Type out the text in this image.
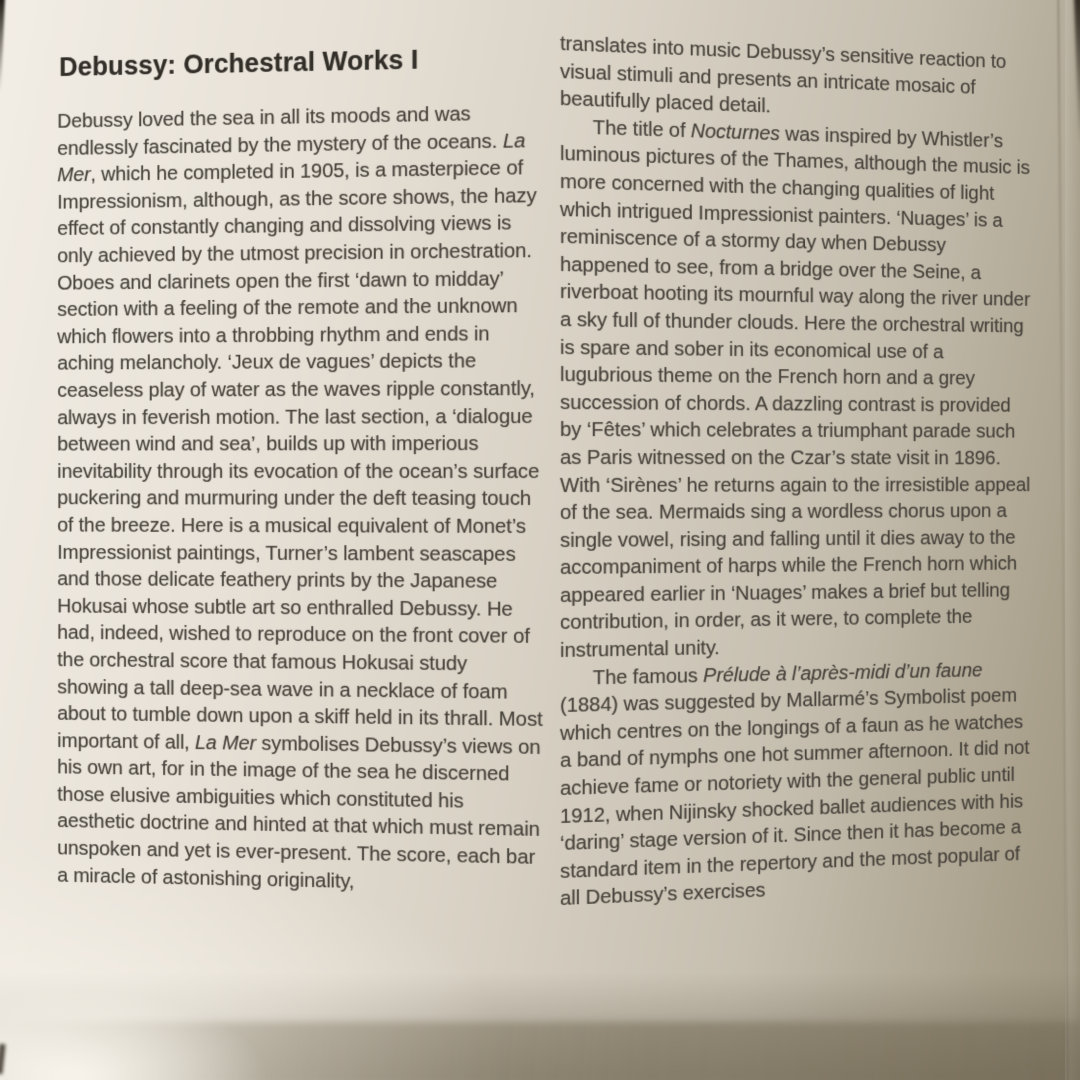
Debussy: Orchestral Works I

Debussy loved the sea in all its moods and was endlessly fascinated by the mystery of the oceans. La Mer, which he completed in 1905, is a masterpiece of Impressionism, although, as the score shows, the hazy effect of constantly changing and dissolving views is only achieved by the utmost precision in orchestration. Oboes and clarinets open the first ‘dawn to midday’ section with a feeling of the remote and the unknown which flowers into a throbbing rhythm and ends in aching melancholy. ‘Jeux de vagues’ depicts the ceaseless play of water as the waves ripple constantly, always in feverish motion. The last section, a ‘dialogue between wind and sea’, builds up with imperious inevitability through its evocation of the ocean’s surface puckering and murmuring under the deft teasing touch of the breeze. Here is a musical equivalent of Monet’s Impressionist paintings, Turner’s lambent seascapes and those delicate feathery prints by the Japanese Hokusai whose subtle art so enthralled Debussy. He had, indeed, wished to reproduce on the front cover of the orchestral score that famous Hokusai study showing a tall deep-sea wave in a necklace of foam about to tumble down upon a skiff held in its thrall. Most important of all, La Mer symbolises Debussy’s views on his own art, for in the image of the sea he discerned those elusive ambiguities which constituted his aesthetic doctrine and hinted at that which must remain unspoken and yet is ever-present. The score, each bar a miracle of astonishing originality,

translates into music Debussy’s sensitive reaction to visual stimuli and presents an intricate mosaic of beautifully placed detail.

The title of Nocturnes was inspired by Whistler’s luminous pictures of the Thames, although the music is more concerned with the changing qualities of light which intrigued Impressionist painters. ‘Nuages’ is a reminiscence of a stormy day when Debussy happened to see, from a bridge over the Seine, a riverboat hooting its mournful way along the river under a sky full of thunder clouds. Here the orchestral writing is spare and sober in its economical use of a lugubrious theme on the French horn and a grey succession of chords. A dazzling contrast is provided by ‘Fêtes’ which celebrates a triumphant parade such as Paris witnessed on the Czar’s state visit in 1896. With ‘Sirènes’ he returns again to the irresistible appeal of the sea. Mermaids sing a wordless chorus upon a single vowel, rising and falling until it dies away to the accompaniment of harps while the French horn which appeared earlier in ‘Nuages’ makes a brief but telling contribution, in order, as it were, to complete the instrumental unity.

The famous Prélude à l’après-midi d’un faune (1884) was suggested by Mallarmé’s Symbolist poem which centres on the longings of a faun as he watches a band of nymphs one hot summer afternoon. It did not achieve fame or notoriety with the general public until 1912, when Nijinsky shocked ballet audiences with his ‘daring’ stage version of it. Since then it has become a standard item in the repertory and the most popular of all Debussy’s exercises
